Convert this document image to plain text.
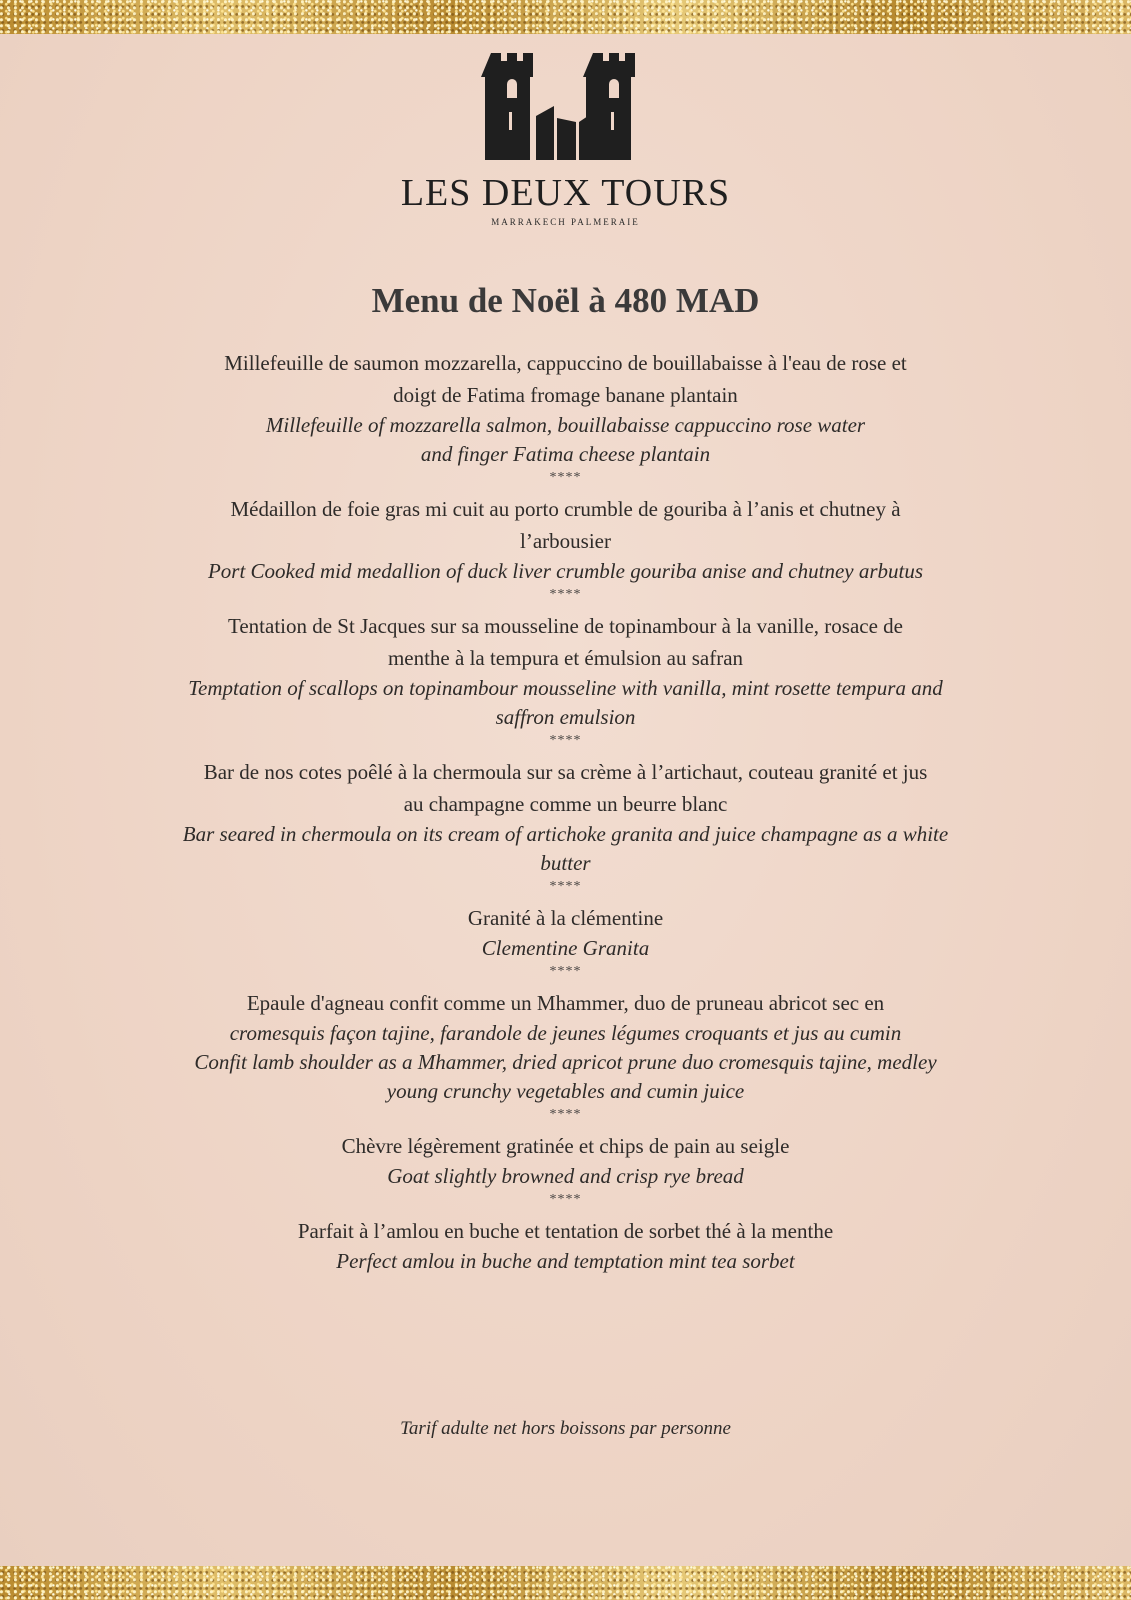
LES DEUX TOURS
MARRAKECH PALMERAIE
Menu de Noël à 480 MAD
Millefeuille de saumon mozzarella, cappuccino de bouillabaisse à l'eau de rose et
doigt de Fatima fromage banane plantain
Millefeuille of mozzarella salmon, bouillabaisse cappuccino rose water
and finger Fatima cheese plantain
****
Médaillon de foie gras mi cuit au porto crumble de gouriba à l’anis et chutney à
l’arbousier
Port Cooked mid medallion of duck liver crumble gouriba anise and chutney arbutus
****
Tentation de St Jacques sur sa mousseline de topinambour à la vanille, rosace de
menthe à la tempura et émulsion au safran
Temptation of scallops on topinambour mousseline with vanilla, mint rosette tempura and
saffron emulsion
****
Bar de nos cotes poêlé à la chermoula sur sa crème à l’artichaut, couteau granité et jus
au champagne comme un beurre blanc
Bar seared in chermoula on its cream of artichoke granita and juice champagne as a white
butter
****
Granité à la clémentine
Clementine Granita
****
Epaule d'agneau confit comme un Mhammer, duo de pruneau abricot sec en
cromesquis façon tajine, farandole de jeunes légumes croquants et jus au cumin
Confit lamb shoulder as a Mhammer, dried apricot prune duo cromesquis tajine, medley
young crunchy vegetables and cumin juice
****
Chèvre légèrement gratinée et chips de pain au seigle
Goat slightly browned and crisp rye bread
****
Parfait à l’amlou en buche et tentation de sorbet thé à la menthe
Perfect amlou in buche and temptation mint tea sorbet
Tarif adulte net hors boissons par personne
